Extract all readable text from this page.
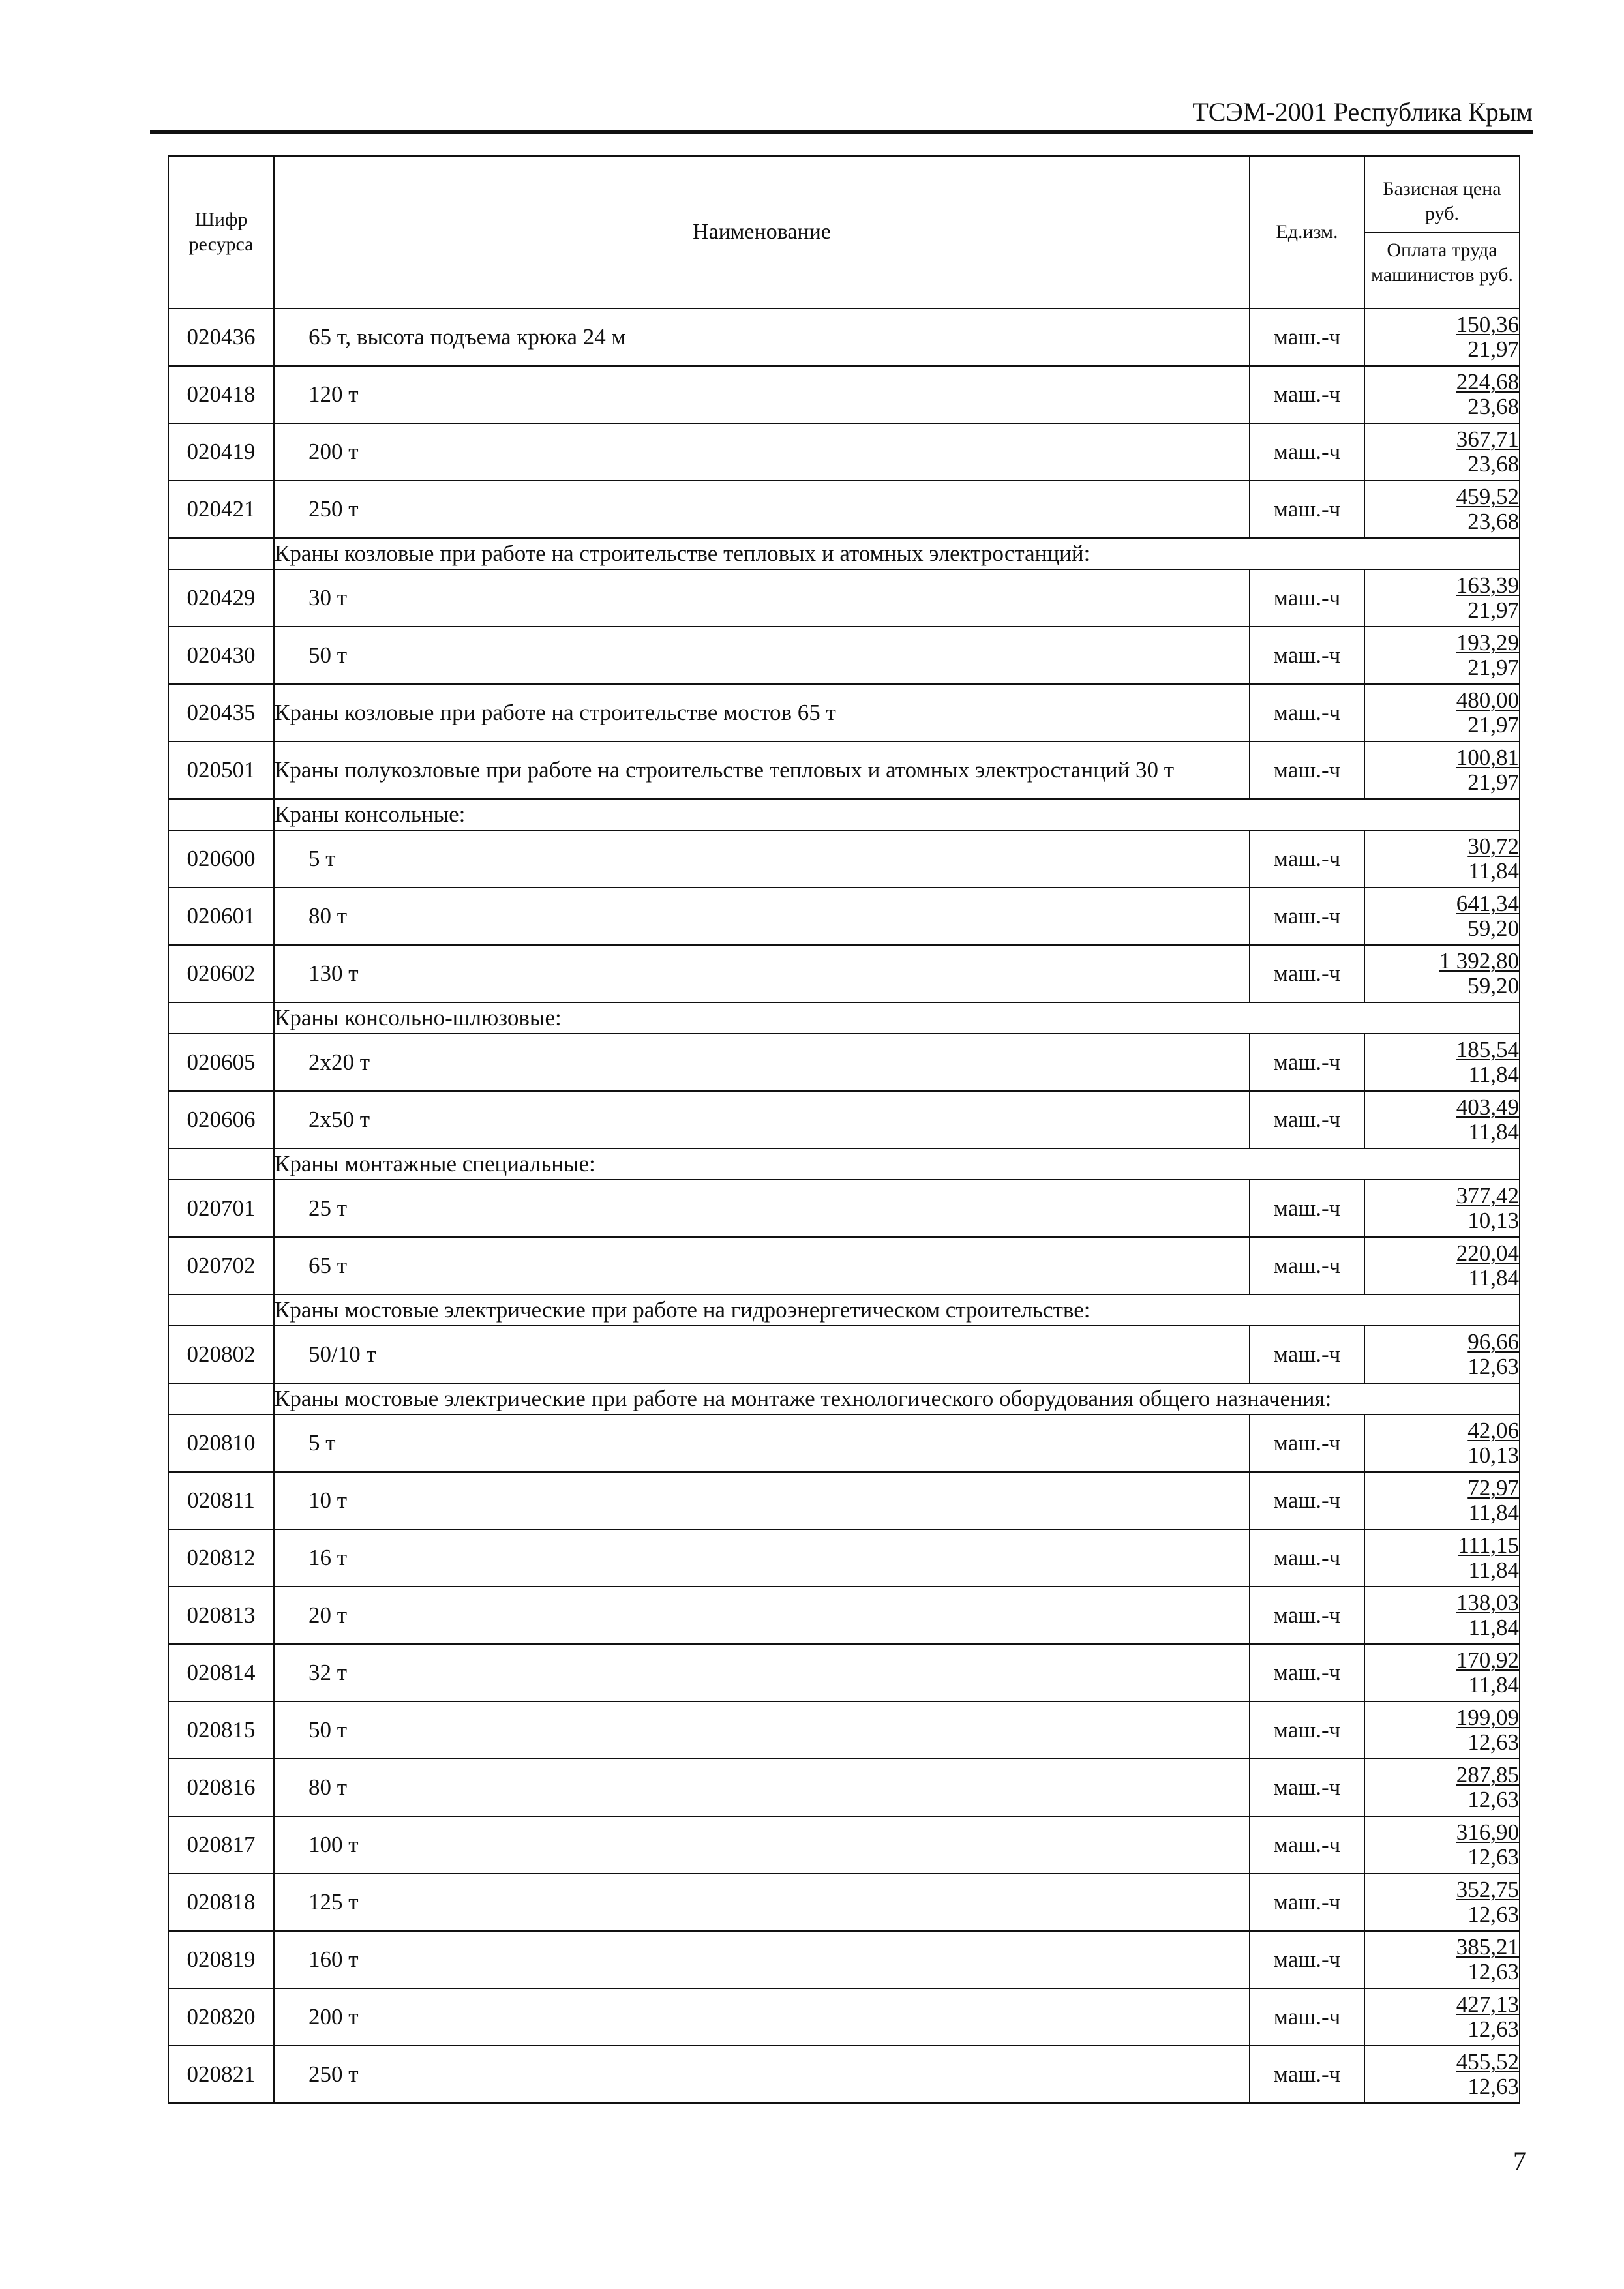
ТСЭМ-2001 Республика Крым
Шифр ресурса	Наименование	Ед.изм.	Базисная цена руб.
Оплата труда машинистов руб.

020436	65 т, высота подъема крюка 24 м	маш.-ч	150,36
21,97

020418	120 т	маш.-ч	224,68
23,68

020419	200 т	маш.-ч	367,71
23,68

020421	250 т	маш.-ч	459,52
23,68

	Краны козловые при работе на строительстве тепловых и атомных электростанций:		
020429	30 т	маш.-ч	163,39
21,97

020430	50 т	маш.-ч	193,29
21,97

020435	Краны козловые при работе на строительстве мостов 65 т	маш.-ч	480,00
21,97

020501	Краны полукозловые при работе на строительстве тепловых и атомных электростанций 30 т	маш.-ч	100,81
21,97

	Краны консольные:		
020600	5 т	маш.-ч	30,72
11,84

020601	80 т	маш.-ч	641,34
59,20

020602	130 т	маш.-ч	1 392,80
59,20

	Краны консольно-шлюзовые:		
020605	2х20 т	маш.-ч	185,54
11,84

020606	2х50 т	маш.-ч	403,49
11,84

	Краны монтажные специальные:		
020701	25 т	маш.-ч	377,42
10,13

020702	65 т	маш.-ч	220,04
11,84

	Краны мостовые электрические при работе на гидроэнергетическом строительстве:		
020802	50/10 т	маш.-ч	96,66
12,63

	Краны мостовые электрические при работе на монтаже технологического оборудования общего назначения:		
020810	5 т	маш.-ч	42,06
10,13

020811	10 т	маш.-ч	72,97
11,84

020812	16 т	маш.-ч	111,15
11,84

020813	20 т	маш.-ч	138,03
11,84

020814	32 т	маш.-ч	170,92
11,84

020815	50 т	маш.-ч	199,09
12,63

020816	80 т	маш.-ч	287,85
12,63

020817	100 т	маш.-ч	316,90
12,63

020818	125 т	маш.-ч	352,75
12,63

020819	160 т	маш.-ч	385,21
12,63

020820	200 т	маш.-ч	427,13
12,63

020821	250 т	маш.-ч	455,52
12,63
7
